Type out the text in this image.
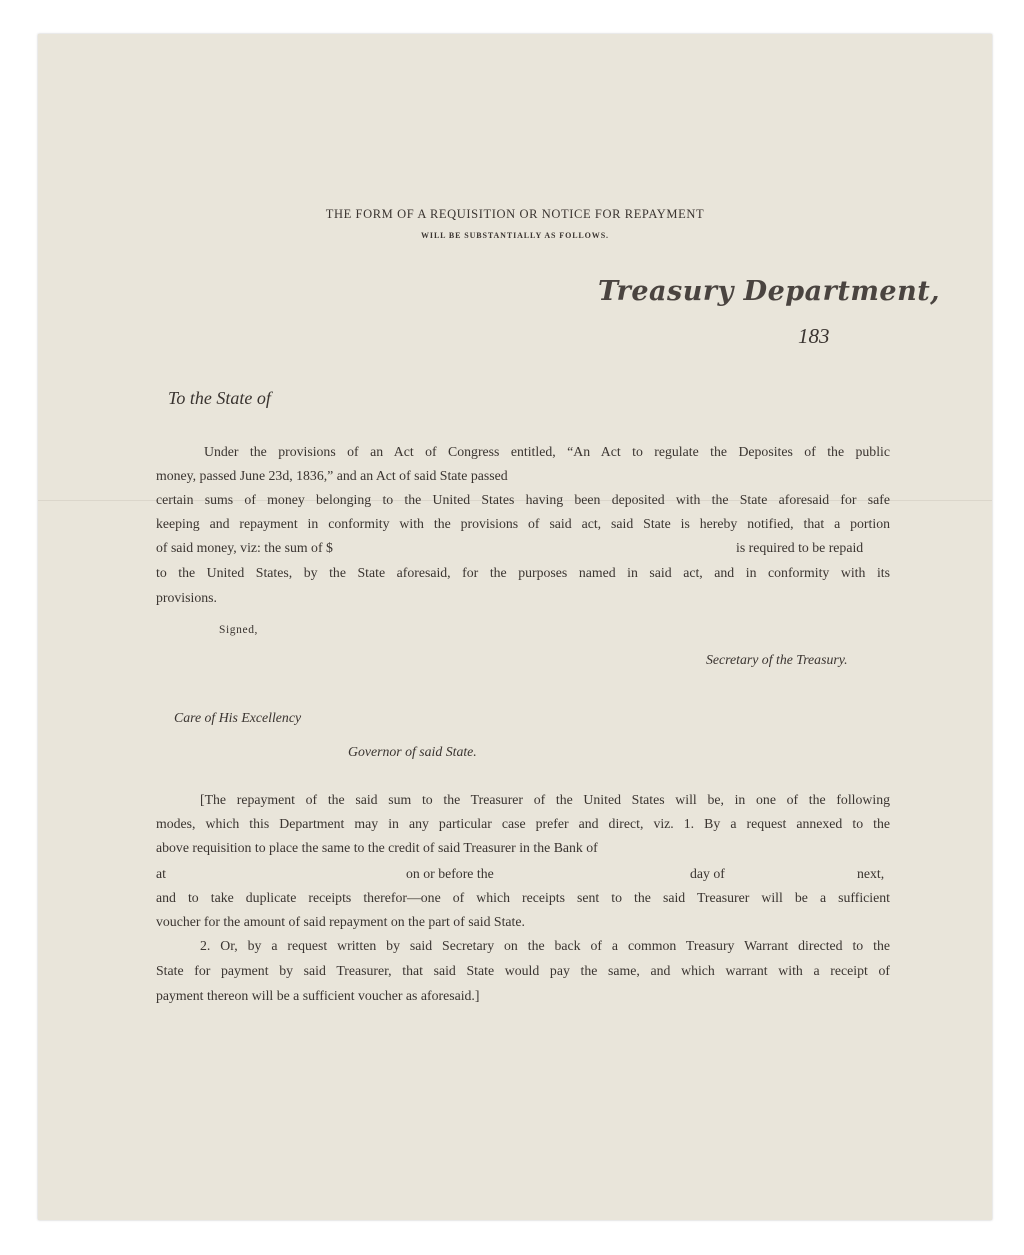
THE FORM OF A REQUISITION OR NOTICE FOR REPAYMENT
WILL BE SUBSTANTIALLY AS FOLLOWS.
Treasury Department,
183
To the State of
Under the provisions of an Act of Congress entitled, “An Act to regulate the Deposites of the public
money, passed June 23d, 1836,” and an Act of said State passed
certain sums of money belonging to the United States having been deposited with the State aforesaid for safe
keeping and repayment in conformity with the provisions of said act, said State is hereby notified, that a portion
of said money, viz: the sum of $	is required to be repaid
to the United States, by the State aforesaid, for the purposes named in said act, and in conformity with its
provisions.
Signed,
Secretary of the Treasury.
Care of His Excellency
Governor of said State.
[The repayment of the said sum to the Treasurer of the United States will be, in one of the following
modes, which this Department may in any particular case prefer and direct, viz. 1. By a request annexed to the
above requisition to place the same to the credit of said Treasurer in the Bank of
at	on or before the	day of	next,
and to take duplicate receipts therefor—one of which receipts sent to the said Treasurer will be a sufficient
voucher for the amount of said repayment on the part of said State.
2. Or, by a request written by said Secretary on the back of a common Treasury Warrant directed to the
State for payment by said Treasurer, that said State would pay the same, and which warrant with a receipt of
payment thereon will be a sufficient voucher as aforesaid.]
